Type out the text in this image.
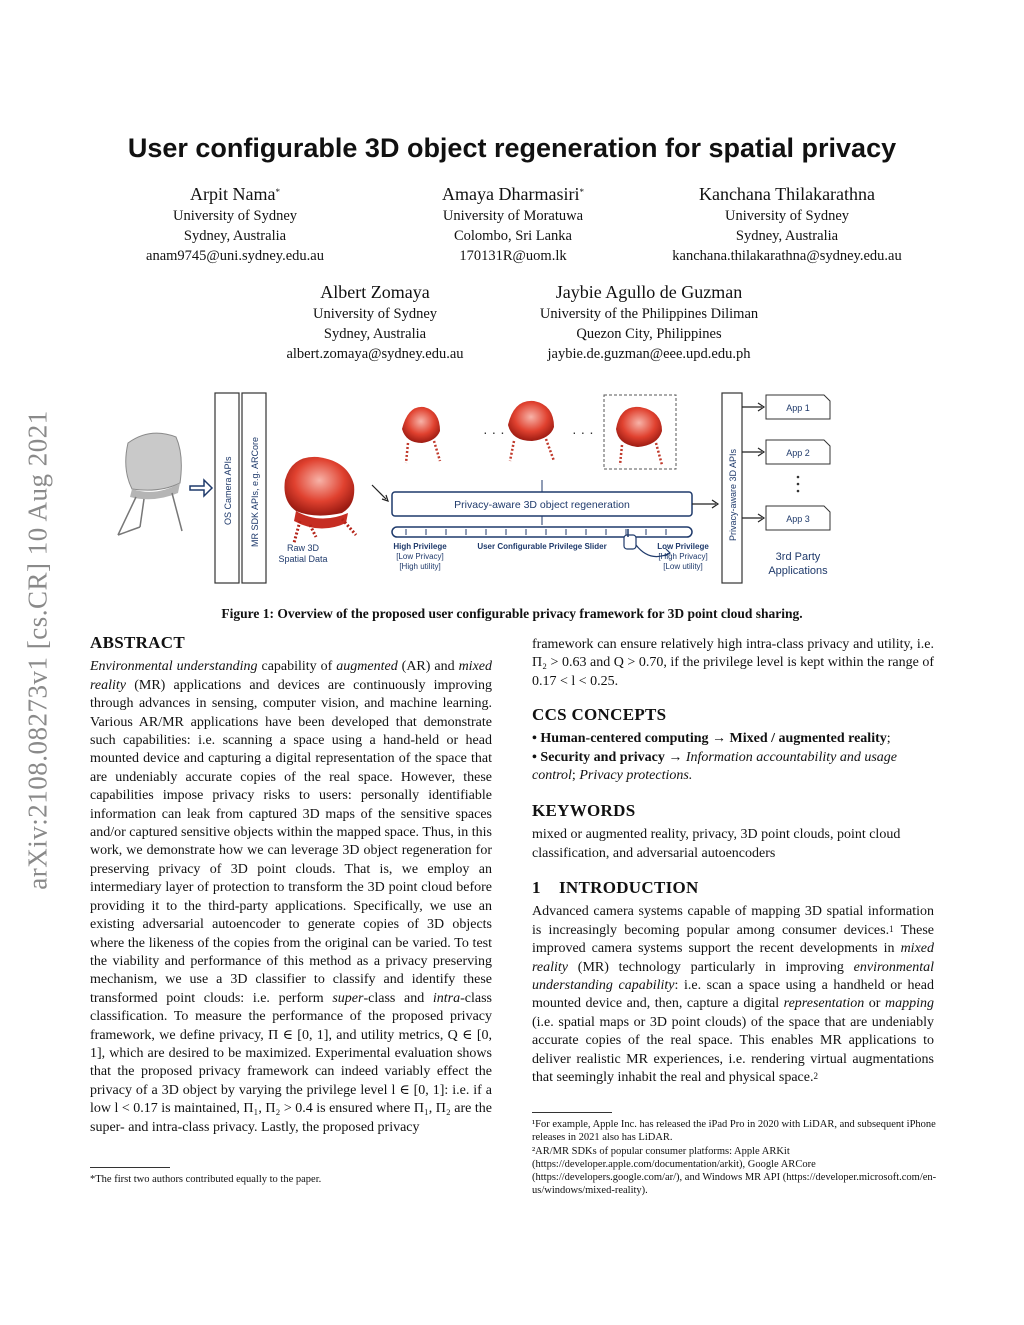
arXiv:2108.08273v1 [cs.CR] 10 Aug 2021
User configurable 3D object regeneration for spatial privacy
Arpit Nama*
University of Sydney
Sydney, Australia
anam9745@uni.sydney.edu.au
Amaya Dharmasiri*
University of Moratuwa
Colombo, Sri Lanka
170131R@uom.lk
Kanchana Thilakarathna
University of Sydney
Sydney, Australia
kanchana.thilakarathna@sydney.edu.au
Albert Zomaya
University of Sydney
Sydney, Australia
albert.zomaya@sydney.edu.au
Jaybie Agullo de Guzman
University of the Philippines Diliman
Quezon City, Philippines
jaybie.de.guzman@eee.upd.edu.ph
OS Camera APIs MR SDK APIs, e.g. ARCore
Raw 3D
Spatial Data
· · ·	· · ·
Privacy-aware 3D object regeneration
High Privilege
[Low Privacy]
[High utility]
User Configurable Privilege Slider	Low Privilege
[High Privacy]
[Low utility]
Privacy-aware 3D APIs
App 1
App 2
App 3
3rd Party
Applications
Figure 1: Overview of the proposed user configurable privacy framework for 3D point cloud sharing.

ABSTRACT

Environmental understanding capability of augmented (AR) and mixed reality (MR) applications and devices are continuously improving through advances in sensing, computer vision, and machine learning. Various AR/MR applications have been developed that demonstrate such capabilities: i.e. scanning a space using a hand-held or head mounted device and capturing a digital representation of the space that are undeniably accurate copies of the real space. However, these capabilities impose privacy risks to users: personally identifiable information can leak from captured 3D maps of the sensitive spaces and/or captured sensitive objects within the mapped space. Thus, in this work, we demonstrate how we can leverage 3D object regeneration for preserving privacy of 3D point clouds. That is, we employ an intermediary layer of protection to transform the 3D point cloud before providing it to the third-party applications. Specifically, we use an existing adversarial autoencoder to generate copies of 3D objects where the likeness of the copies from the original can be varied. To test the viability and performance of this method as a privacy preserving mechanism, we use a 3D classifier to classify and identify these transformed point clouds: i.e. perform super-class and intra-class classification. To measure the performance of the proposed privacy framework, we define privacy, Π ∈ [0, 1], and utility metrics, Q ∈ [0, 1], which are desired to be maximized. Experimental evaluation shows that the proposed privacy framework can indeed variably effect the privacy of a 3D object by varying the privilege level l ∈ [0, 1]: i.e. if a low l < 0.17 is maintained, Π₁, Π₂ > 0.4 is ensured where Π₁, Π₂ are the super- and intra-class privacy. Lastly, the proposed privacy

*The first two authors contributed equally to the paper.

framework can ensure relatively high intra-class privacy and utility, i.e. Π₂ > 0.63 and Q > 0.70, if the privilege level is kept within the range of 0.17 < l < 0.25.

CCS CONCEPTS

• Human-centered computing → Mixed / augmented reality;

• Security and privacy → Information accountability and usage control; Privacy protections.

KEYWORDS

mixed or augmented reality, privacy, 3D point clouds, point cloud classification, and adversarial autoencoders

1    INTRODUCTION

Advanced camera systems capable of mapping 3D spatial information is increasingly becoming popular among consumer devices.$^1$ These improved camera systems support the recent developments in mixed reality (MR) technology particularly in improving environmental understanding capability: i.e. scan a space using a handheld or head mounted device and, then, capture a digital representation or mapping (i.e. spatial maps or 3D point clouds) of the space that are undeniably accurate copies of the real space. This enables MR applications to deliver realistic MR experiences, i.e. rendering virtual augmentations that seemingly inhabit the real and physical space.$^2$

¹For example, Apple Inc. has released the iPad Pro in 2020 with LiDAR, and subsequent iPhone releases in 2021 also has LiDAR.
²AR/MR SDKs of popular consumer platforms: Apple ARKit (https://developer.apple.com/documentation/arkit), Google ARCore (https://developers.google.com/ar/), and Windows MR API (https://developer.microsoft.com/en-us/windows/mixed-reality).
